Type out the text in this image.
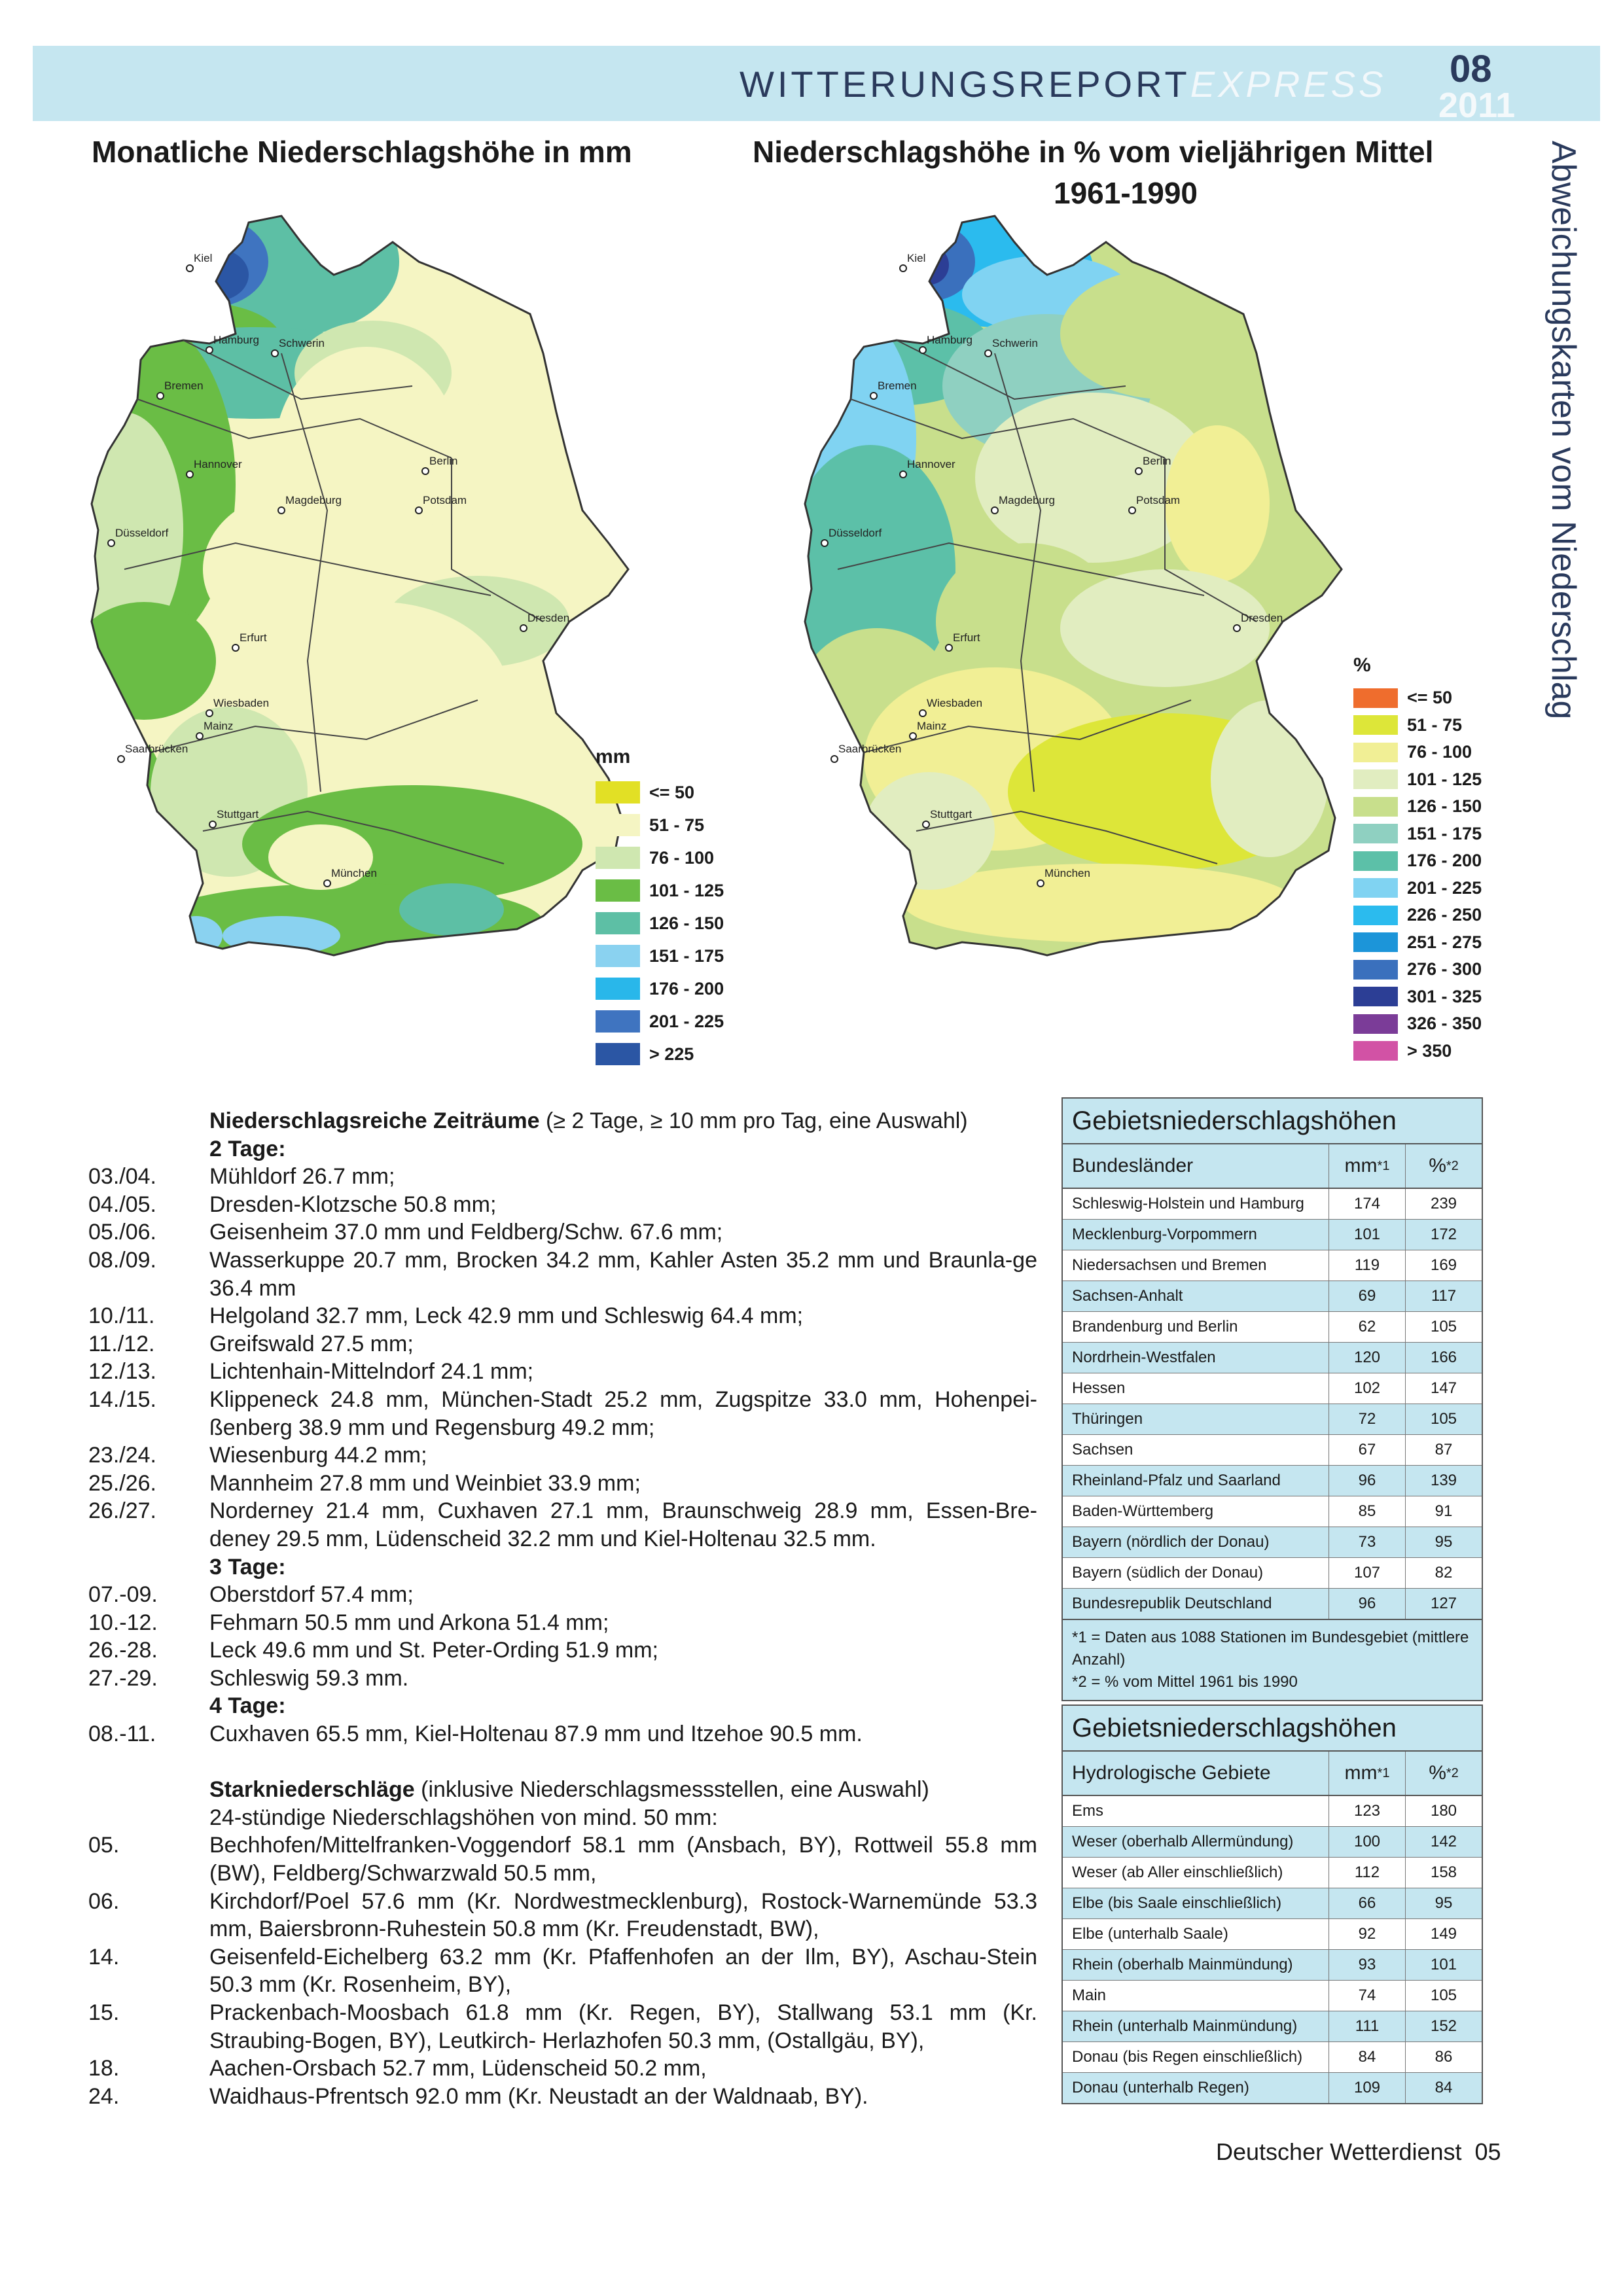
WITTERUNGSREPORTEXPRESS 08
2011
Abweichungskarten vom Niederschlag
Monatliche Niederschlagshöhe in mm	Niederschlagshöhe in % vom vieljährigen Mittel
1961-1990
Kiel
Hamburg Schwerin
Bremen
Berlin
Hannover
Potsdam
Magdeburg
Düsseldorf
Dresden
Erfurt
Wiesbaden
Mainz
Saarbrücken
Stuttgart
München
Kiel
Hamburg Schwerin
Bremen
Berlin
Hannover
Potsdam
Magdeburg
Düsseldorf
Dresden
Erfurt
Wiesbaden
Mainz
Saarbrücken
Stuttgart
München
mm
<= 50
51 - 75
76 - 100
101 - 125
126 - 150
151 - 175
176 - 200
201 - 225
> 225
%
<= 50
51 - 75
76 - 100
101 - 125
126 - 150
151 - 175
176 - 200
201 - 225
226 - 250
251 - 275
276 - 300
301 - 325
326 - 350
> 350
Niederschlagsreiche Zeiträume (≥ 2 Tage, ≥ 10 mm pro Tag, eine Auswahl)
2 Tage:
03./04.	Mühldorf 26.7 mm;
04./05.	Dresden-Klotzsche 50.8 mm;
05./06.	Geisenheim 37.0 mm und Feldberg/Schw. 67.6 mm;
08./09.	Wasserkuppe 20.7 mm, Brocken 34.2 mm, Kahler Asten 35.2 mm und Braunla-ge 36.4 mm
10./11.	Helgoland 32.7 mm, Leck 42.9 mm und Schleswig 64.4 mm;
11./12.	Greifswald 27.5 mm;
12./13.	Lichtenhain-Mittelndorf 24.1 mm;
14./15.	Klippeneck 24.8 mm, München-Stadt 25.2 mm, Zugspitze 33.0 mm, Hohenpei-ßenberg 38.9 mm und Regensburg 49.2 mm;
23./24.	Wiesenburg 44.2 mm;
25./26.	Mannheim 27.8 mm und Weinbiet 33.9 mm;
26./27.	Norderney 21.4 mm, Cuxhaven 27.1 mm, Braunschweig 28.9 mm, Essen-Bre-deney 29.5 mm, Lüdenscheid 32.2 mm und Kiel-Holtenau 32.5 mm.
3 Tage:
07.-09.	Oberstdorf 57.4 mm;
10.-12.	Fehmarn 50.5 mm und Arkona 51.4 mm;
26.-28.	Leck 49.6 mm und St. Peter-Ording 51.9 mm;
27.-29.	Schleswig 59.3 mm.
4 Tage:
08.-11.	Cuxhaven 65.5 mm, Kiel-Holtenau 87.9 mm und Itzehoe 90.5 mm.
Starkniederschläge (inklusive Niederschlagsmessstellen, eine Auswahl)
24-stündige Niederschlagshöhen von mind. 50 mm:
05.	Bechhofen/Mittelfranken-Voggendorf 58.1 mm (Ansbach, BY), Rottweil 55.8 mm (BW), Feldberg/Schwarzwald 50.5 mm,
06.	Kirchdorf/Poel 57.6 mm (Kr. Nordwestmecklenburg), Rostock-Warnemünde 53.3 mm, Baiersbronn-Ruhestein 50.8 mm (Kr. Freudenstadt, BW),
14.	Geisenfeld-Eichelberg 63.2 mm (Kr. Pfaffenhofen an der Ilm, BY), Aschau-Stein 50.3 mm (Kr. Rosenheim, BY),
15.	Prackenbach-Moosbach 61.8 mm (Kr. Regen, BY), Stallwang 53.1 mm (Kr. Straubing-Bogen, BY), Leutkirch- Herlazhofen 50.3 mm, (Ostallgäu, BY),
18.	Aachen-Orsbach 52.7 mm, Lüdenscheid 50.2 mm,
24.	Waidhaus-Pfrentsch 92.0 mm (Kr. Neustadt an der Waldnaab, BY).
Gebietsniederschlagshöhen
Bundesländer	mm *1 % *2
Schleswig-Holstein und Hamburg	174	239
Mecklenburg-Vorpommern	101	172
Niedersachsen und Bremen	119	169
Sachsen-Anhalt	69	117
Brandenburg und Berlin	62	105
Nordrhein-Westfalen	120	166
Hessen	102	147
Thüringen	72	105
Sachsen	67	87
Rheinland-Pfalz und Saarland	96	139
Baden-Württemberg	85	91
Bayern (nördlich der Donau)	73	95
Bayern (südlich der Donau)	107	82
Bundesrepublik Deutschland	96	127
*1 = Daten aus 1088 Stationen im Bundesgebiet (mittlere Anzahl)
*2 = % vom Mittel 1961 bis 1990
Gebietsniederschlagshöhen
Hydrologische Gebiete	mm *1 % *2
Ems	123	180
Weser (oberhalb Allermündung)	100	142
Weser (ab Aller einschließlich)	112	158
Elbe (bis Saale einschließlich)	66	95
Elbe (unterhalb Saale)	92	149
Rhein (oberhalb Mainmündung)	93	101
Main	74	105
Rhein (unterhalb Mainmündung)	111	152
Donau (bis Regen einschließlich)	84	86
Donau (unterhalb Regen)	109	84
Deutscher Wetterdienst  05
